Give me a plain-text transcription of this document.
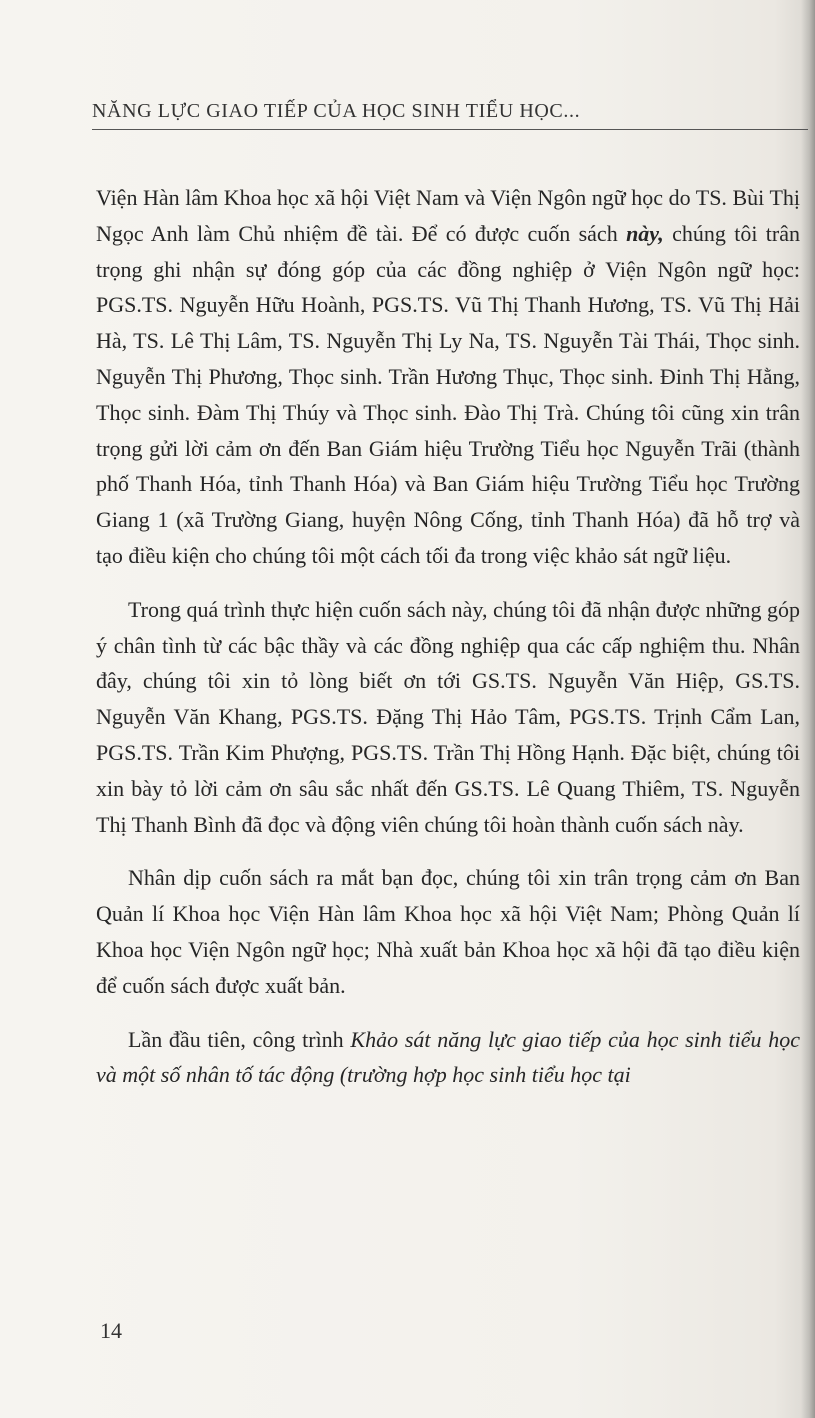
NĂNG LỰC GIAO TIẾP CỦA HỌC SINH TIỂU HỌC...

Viện Hàn lâm Khoa học xã hội Việt Nam và Viện Ngôn ngữ học do TS. Bùi Thị Ngọc Anh làm Chủ nhiệm đề tài. Để có được cuốn sách này, chúng tôi trân trọng ghi nhận sự đóng góp của các đồng nghiệp ở Viện Ngôn ngữ học: PGS.TS. Nguyễn Hữu Hoành, PGS.TS. Vũ Thị Thanh Hương, TS. Vũ Thị Hải Hà, TS. Lê Thị Lâm, TS. Nguyễn Thị Ly Na, TS. Nguyễn Tài Thái, Thọc sinh. Nguyễn Thị Phương, Thọc sinh. Trần Hương Thục, Thọc sinh. Đinh Thị Hằng, Thọc sinh. Đàm Thị Thúy và Thọc sinh. Đào Thị Trà. Chúng tôi cũng xin trân trọng gửi lời cảm ơn đến Ban Giám hiệu Trường Tiểu học Nguyễn Trãi (thành phố Thanh Hóa, tỉnh Thanh Hóa) và Ban Giám hiệu Trường Tiểu học Trường Giang 1 (xã Trường Giang, huyện Nông Cống, tỉnh Thanh Hóa) đã hỗ trợ và tạo điều kiện cho chúng tôi một cách tối đa trong việc khảo sát ngữ liệu.

Trong quá trình thực hiện cuốn sách này, chúng tôi đã nhận được những góp ý chân tình từ các bậc thầy và các đồng nghiệp qua các cấp nghiệm thu. Nhân đây, chúng tôi xin tỏ lòng biết ơn tới GS.TS. Nguyễn Văn Hiệp, GS.TS. Nguyễn Văn Khang, PGS.TS. Đặng Thị Hảo Tâm, PGS.TS. Trịnh Cẩm Lan, PGS.TS. Trần Kim Phượng, PGS.TS. Trần Thị Hồng Hạnh. Đặc biệt, chúng tôi xin bày tỏ lời cảm ơn sâu sắc nhất đến GS.TS. Lê Quang Thiêm, TS. Nguyễn Thị Thanh Bình đã đọc và động viên chúng tôi hoàn thành cuốn sách này.

Nhân dịp cuốn sách ra mắt bạn đọc, chúng tôi xin trân trọng cảm ơn Ban Quản lí Khoa học Viện Hàn lâm Khoa học xã hội Việt Nam; Phòng Quản lí Khoa học Viện Ngôn ngữ học; Nhà xuất bản Khoa học xã hội đã tạo điều kiện để cuốn sách được xuất bản.

Lần đầu tiên, công trình Khảo sát năng lực giao tiếp của học sinh tiểu học và một số nhân tố tác động (trường hợp học sinh tiểu học tại

14
